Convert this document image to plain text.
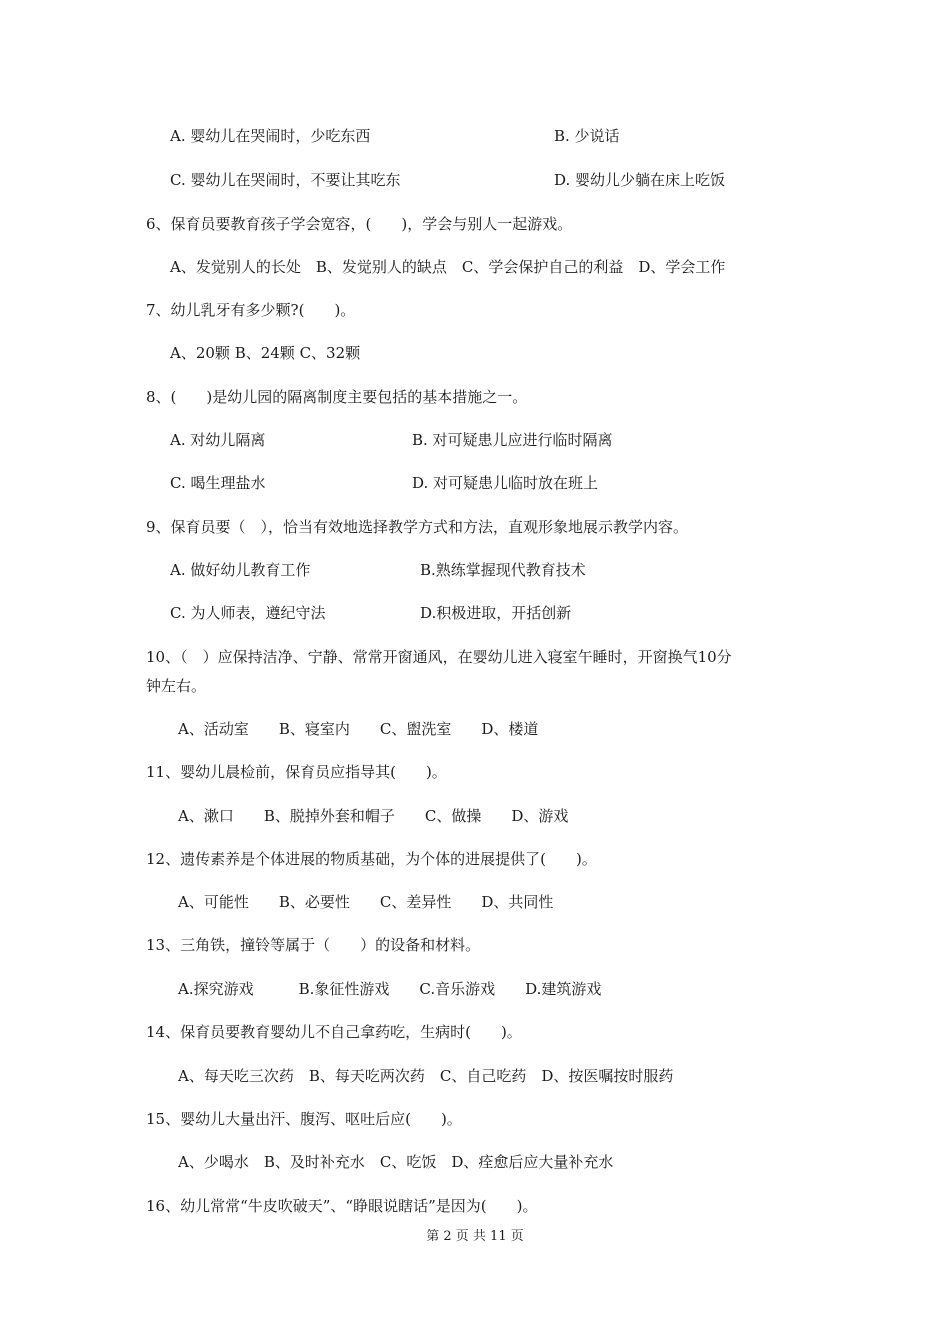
A. 婴幼儿在哭闹时，少吃东西	B. 少说话
C. 婴幼儿在哭闹时，不要让其吃东	D. 婴幼儿少躺在床上吃饭
6、保育员要教育孩子学会宽容，(　　)，学会与别人一起游戏。
A、发觉别人的长处　B、发觉别人的缺点　C、学会保护自己的利益　D、学会工作
7、幼儿乳牙有多少颗?(　　)。
A、20颗 B、24颗 C、32颗
8、(　　)是幼儿园的隔离制度主要包括的基本措施之一。
A. 对幼儿隔离	B. 对可疑患儿应进行临时隔离
C. 喝生理盐水	D. 对可疑患儿临时放在班上
9、保育员要（　），恰当有效地选择教学方式和方法，直观形象地展示教学内容。
A. 做好幼儿教育工作	B.熟练掌握现代教育技术
C. 为人师表，遵纪守法	D.积极进取，开括创新
10、（　）应保持洁净、宁静、常常开窗通风，在婴幼儿进入寝室午睡时，开窗换气10分
钟左右。
A、活动室　　B、寝室内　　C、盥洗室　　D、楼道
11、婴幼儿晨检前，保育员应指导其(　　)。
A、漱口　　B、脱掉外套和帽子　　C、做操　　D、游戏
12、遗传素养是个体进展的物质基础，为个体的进展提供了(　　)。
A、可能性　　B、必要性　　C、差异性　　D、共同性
13、三角铁，撞铃等属于（　　）的设备和材料。
A.探究游戏　　　B.象征性游戏　　C.音乐游戏　　D.建筑游戏
14、保育员要教育婴幼儿不自己拿药吃，生病时(　　)。
A、每天吃三次药　B、每天吃两次药　C、自己吃药　D、按医嘱按时服药
15、婴幼儿大量出汗、腹泻、呕吐后应(　　)。
A、少喝水　B、及时补充水　C、吃饭　D、痊愈后应大量补充水
16、幼儿常常“牛皮吹破天”、“睁眼说瞎话”是因为(　　)。
第 2 页 共 11 页
